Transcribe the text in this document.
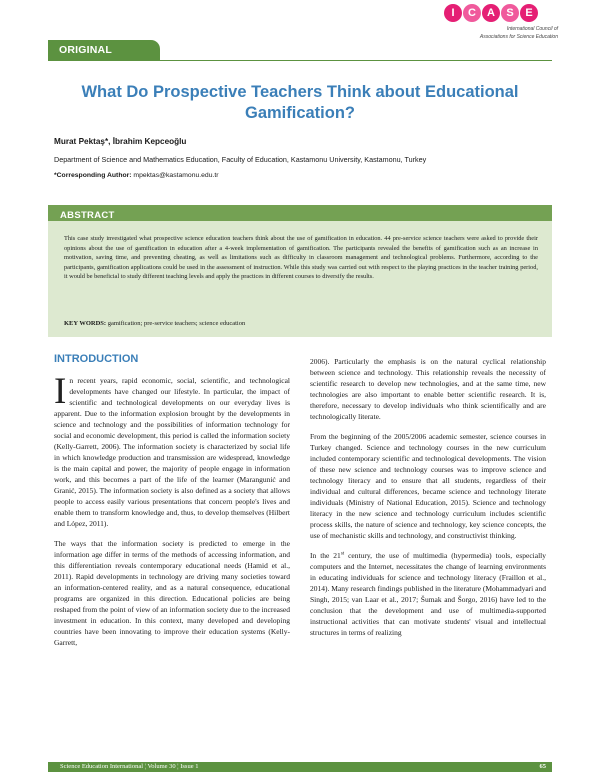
I	C	A	S	E
International Council of
Associations for Science Education
ORIGINAL ARTICLE
What Do Prospective Teachers Think about Educational Gamification?
Murat Pektaş*, İbrahim Kepceoğlu
Department of Science and Mathematics Education, Faculty of Education, Kastamonu University, Kastamonu, Turkey
*Corresponding Author: mpektas@kastamonu.edu.tr
ABSTRACT

This case study investigated what prospective science education teachers think about the use of gamification in education. 44 pre-service science teachers were asked to provide their opinions about the use of gamification in education after a 4-week implementation of gamification. The participants revealed the benefits of gamification such as an increase in motivation, saving time, and preventing cheating, as well as limitations such as difficulty in classroom management and technological problems. Furthermore, according to the participants, gamification applications could be used in the assessment of instruction. While this study was carried out with respect to the playing practices in the teacher training period, it would be beneficial to study different teaching levels and apply the practices in different courses to diversify the results.

KEY WORDS: gamification; pre-service teachers; science education

INTRODUCTION

In recent years, rapid economic, social, scientific, and technological developments have changed our lifestyle. In particular, the impact of scientific and technological developments on our everyday lives is apparent. Due to the information explosion brought by the developments in science and technology and the possibilities of information technology for social and economic development, this period is called the information society (Kelly-Garrett, 2006). The information society is characterized by social life in which knowledge production and transmission are widespread, knowledge is the main capital and power, the majority of people engage in information work, and this becomes a part of the life of the learner (Marangunić and Granić, 2015). The information society is also defined as a society that allows people to access easily various presentations that concern people's lives and enable them to transform knowledge and, thus, to develop themselves (Hilbert and López, 2011).

The ways that the information society is predicted to emerge in the information age differ in terms of the methods of accessing information, and this differentiation reveals contemporary educational needs (Hamid et al., 2011). Rapid developments in technology are driving many societies toward an information-centered reality, and as a natural consequence, educational programs are organized in this direction. Educational policies are being reshaped from the point of view of an information society due to the increased investment in education. In this context, many developed and developing countries have been innovating to improve their education systems (Kelly-Garrett,

2006). Particularly the emphasis is on the natural cyclical relationship between science and technology. This relationship reveals the necessity of scientific research to develop new technologies, and at the same time, new technologies are also important to enable better scientific research. It is, therefore, necessary to develop individuals who think scientifically and are technologically literate.

From the beginning of the 2005/2006 academic semester, science courses in Turkey changed. Science and technology courses in the new curriculum included contemporary scientific and technological developments. The vision of these new science and technology courses was to improve science and technology literacy and to ensure that all students, regardless of their individual and cultural differences, became science and technology literate individuals (Ministry of National Education, 2015). Science and technology literacy in the new science and technology curriculum includes scientific process skills, the nature of science and technology, key science concepts, the use of mechanistic skills and technology, and constructivist thinking.

In the 21st century, the use of multimedia (hypermedia) tools, especially computers and the Internet, necessitates the change of learning environments in educating individuals for science and technology literacy (Fraillon et al., 2014). Many research findings published in the literature (Mohammadyari and Singh, 2015; van Laar et al., 2017; Šumak and Šorgo, 2016) have led to the conclusion that the development and use of multimedia-supported instructional activities that can motivate students' visual and intellectual structures in terms of realizing

Science Education International ¦ Volume 30 ¦ Issue 1	65
